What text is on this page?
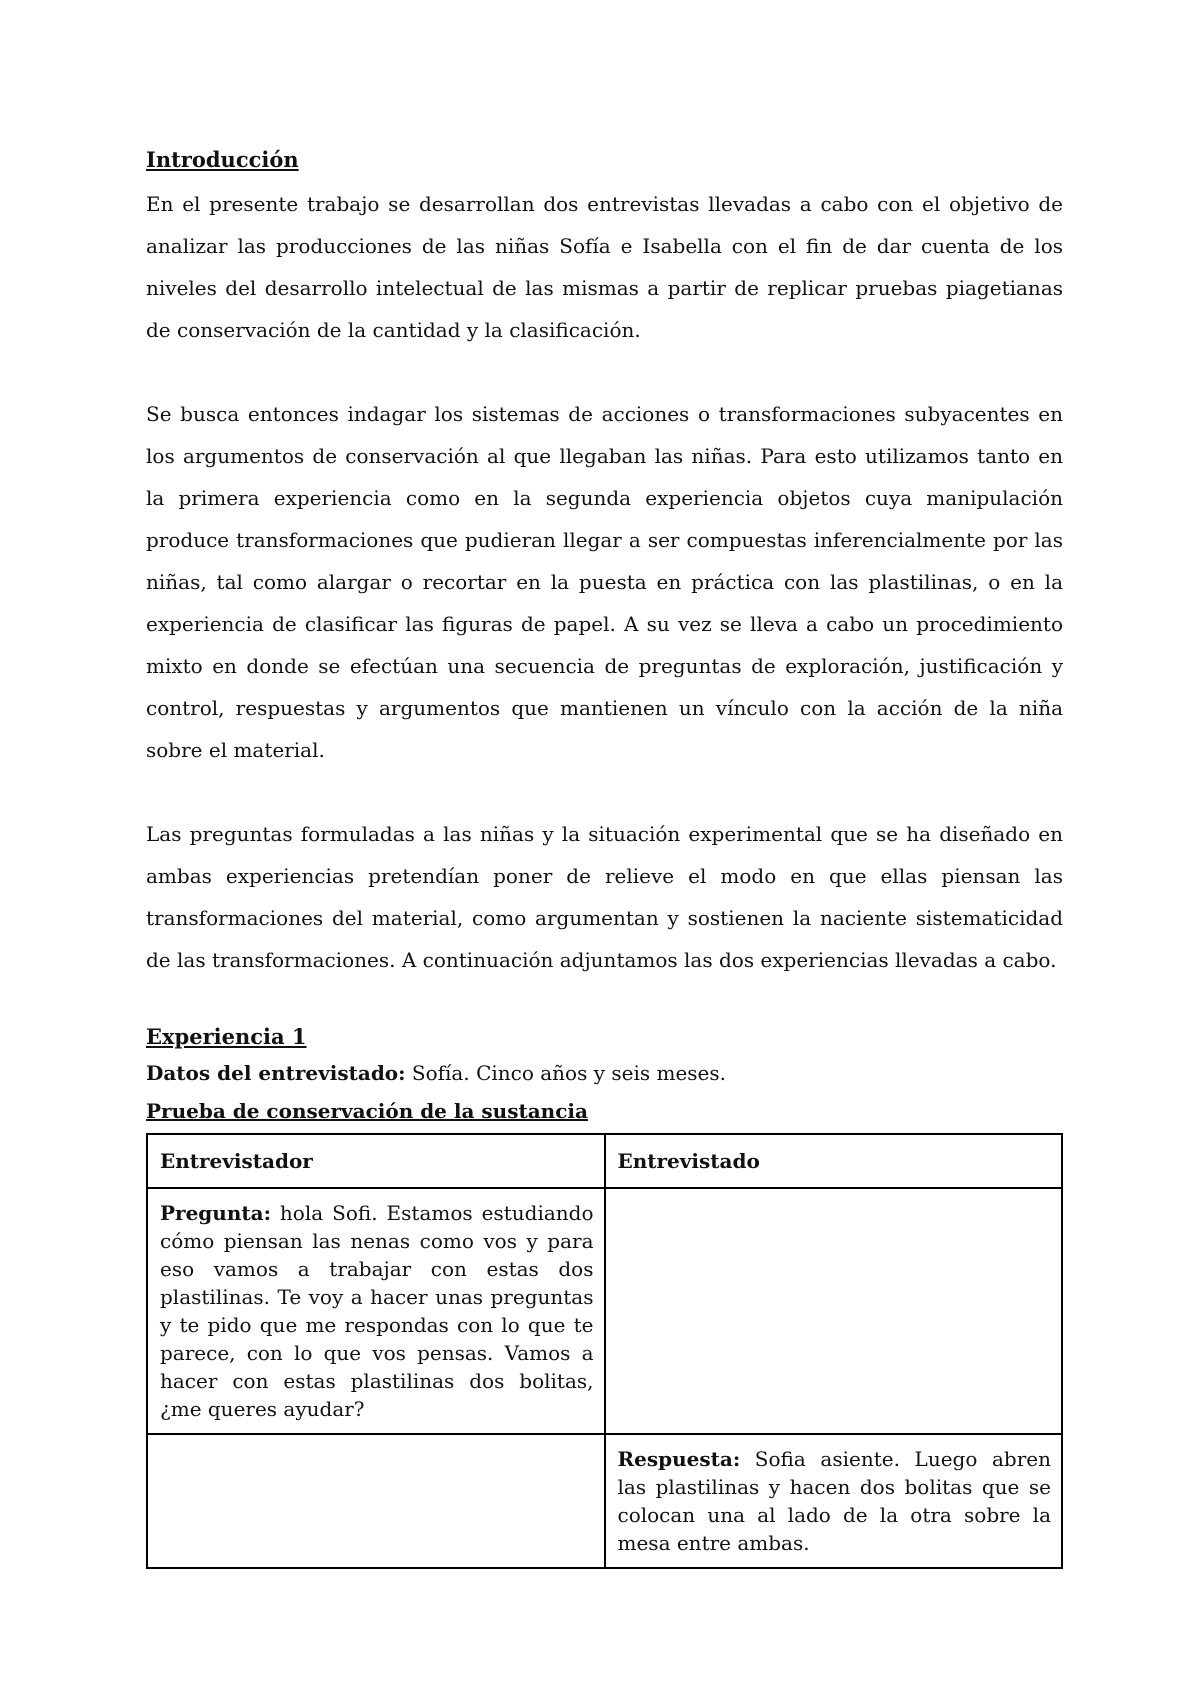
Introducción

En el presente trabajo se desarrollan dos entrevistas llevadas a cabo con el objetivo de analizar las producciones de las niñas Sofía e Isabella con el fin de dar cuenta de los niveles del desarrollo intelectual de las mismas a partir de replicar pruebas piagetianas de conservación de la cantidad y la clasificación.

Se busca entonces indagar los sistemas de acciones o transformaciones subyacentes en los argumentos de conservación al que llegaban las niñas. Para esto utilizamos tanto en la primera experiencia como en la segunda experiencia objetos cuya manipulación produce transformaciones que pudieran llegar a ser compuestas inferencialmente por las niñas, tal como alargar o recortar en la puesta en práctica con las plastilinas, o en la experiencia de clasificar las figuras de papel. A su vez se lleva a cabo un procedimiento mixto en donde se efectúan una secuencia de preguntas de exploración, justificación y control, respuestas y argumentos que mantienen un vínculo con la acción de la niña sobre el material.

Las preguntas formuladas a las niñas y la situación experimental que se ha diseñado en ambas experiencias pretendían poner de relieve el modo en que ellas piensan las transformaciones del material, como argumentan y sostienen la naciente sistematicidad de las transformaciones. A continuación adjuntamos las dos experiencias llevadas a cabo.

Experiencia 1

Datos del entrevistado: Sofía. Cinco años y seis meses.

Prueba de conservación de la sustancia

Entrevistador	Entrevistado
Pregunta: hola Sofi. Estamos estudiando cómo piensan las nenas como vos y para eso vamos a trabajar con estas dos plastilinas. Te voy a hacer unas preguntas y te pido que me respondas con lo que te parece, con lo que vos pensas. Vamos a hacer con estas plastilinas dos bolitas, ¿me queres ayudar?	
	Respuesta: Sofia asiente. Luego abren las plastilinas y hacen dos bolitas que se colocan una al lado de la otra sobre la mesa entre ambas.
